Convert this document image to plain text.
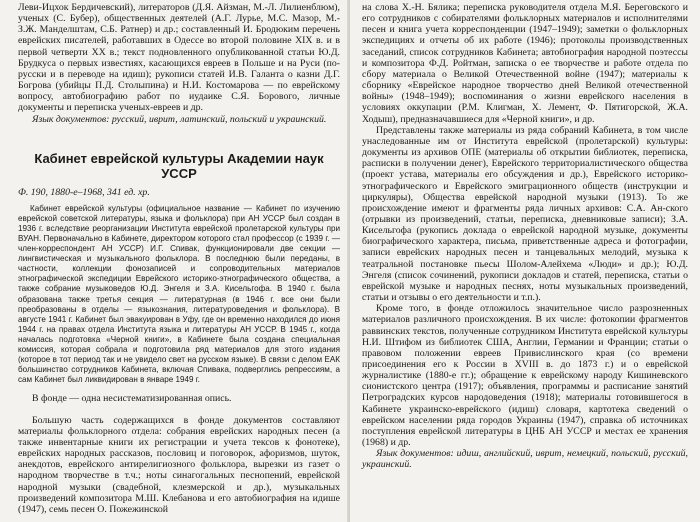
Леви-Ицхок Бердичевский), литераторов (Д.Я. Айзман, М.-Л. Лилиенблюм), ученых (С. Бубер), общественных деятелей (А.Г. Лурье, М.С. Мазор, М.-З.Ж. Манделштам, С.Б. Ратнер) и др.; составленный И. Бродюким перечень еврейских писателей, работавших в Одессе во второй половине XIX в. и в первой четверти XX в.; текст подновленного опубликованной статьи Ю.Д. Брудкуса о первых известиях, касающихся евреев в Польше и на Руси (по-русски и в переводе на идиш); рукописи статей И.В. Галанта о казни Д.Г. Богрова (убийцы П.Д. Столыпина) и Н.И. Костомарова — по еврейскому вопросу, автобиографию работ по иудаике С.Я. Борового, личные документы и переписка ученых-евреев и др.

Язык документов: русский, иврит, латинский, польский и украинский.

Кабинет еврейской культуры Академии наук УССР

Ф. 190, 1880-е–1968, 341 ед. хр.

Кабинет еврейской культуры (официальное название — Кабинет по изучению еврейской советской литературы, языка и фольклора) при АН УССР был создан в 1936 г. вследствие реорганизации Института еврейской пролетарской культуры при ВУАН. Первоначально в Кабинете, директором которого стал профессор (с 1939 г. — член-корреспондент АН УССР) И.Г. Спивак, функционировали две секции — лингвистическая и музыкального фольклора. В последнюю были переданы, в частности, коллекции фонозаписей и сопроводительных материалов этнографической экспедиции Еврейского историко-этнографического общества, а также собрание музыковедов Ю.Д. Энгеля и З.А. Кисельгофа. В 1940 г. была образована также третья секция — литературная (в 1946 г. все они были преобразованы в отделы — языкознания, литературоведения и фольклора). В августе 1941 г. Кабинет был эвакуирован в Уфу, где он временно находился до июня 1944 г. на правах отдела Института языка и литературы АН УССР. В 1945 г., когда началась подготовка «Черной книги», в Кабинете была создана специальная комиссия, которая собрала и подготовила ряд материалов для этого издания (которое в тот период так и не увидело свет на русском языке). В связи с делом ЕАК большинство сотрудников Кабинета, включая Спивака, подверглись репрессиям, а сам Кабинет был ликвидирован в январе 1949 г.

В фонде — одна несистематизированная опись.

Большую часть содержащихся в фонде документов составляют материалы фольклорного отдела: собрания еврейских народных песен (а также инвентарные книги их регистрации и учета тексов к фонотеке), еврейских народных рассказов, пословиц и поговорок, афоризмов, шуток, анекдотов, еврейского антирелигиозного фольклора, вырезки из газет о народном творчестве в т.ч.; ноты синагогальных песнопений, еврейской народной музыки (свадебной, клезмерской и др.), музыкальных произведений композитора М.Ш. Клебанова и его автобиография на идише (1947), семь песен О. Пожежинской

на слова Х.-Н. Бялика; переписка руководителя отдела М.Я. Береговского и его сотрудников с собирателями фольклорных материалов и исполнителями песен и книга учета корреспонденции (1947–1949); заметки о фольклорных экспедициях и отчеты об их работе (1946); протоколы производственных заседаний, список сотрудников Кабинета; автобиография народной поэтессы и композитора Ф.Д. Ройтман, записка о ее творчестве и работе отдела по сбору материала о Великой Отечественной войне (1947); материалы к сборнику «Еврейское народное творчество дней Великой отечественной войны» (1948–1949); воспоминания о жизни еврейского населения в условиях оккупации (Р.М. Клигман, Х. Лемент, Ф. Пятигорской, Ж.А. Ходыш), предназначавшиеся для «Черной книги», и др.

Представлены также материалы из ряда собраний Кабинета, в том числе унаследованные им от Института еврейской (пролетарской) культуры: документы из архивов ОПЕ (материалы об открытии библиотек, переписка, расписки в получении денег), Еврейского территориалистического общества (проект устава, материалы его обсуждения и др.), Еврейского историко-этнографического и Еврейского эмиграционного обществ (инструкции и циркуляры), Общества еврейской народной музыки (1913). То же происхождение имеют и фрагменты ряда личных архивов: С.А. Ан-ского (отрывки из произведений, статьи, переписка, дневниковые записи); З.А. Кисельгофа (рукопись доклада о еврейской народной музыке, документы биографического характера, письма, приветственные адреса и фотографии, записи еврейских народных песен и танцевальных мелодий, музыка к театральной постановке пьесы Шолом-Алейхема «Люди» и др.); Ю.Д. Энгеля (список сочинений, рукописи докладов и статей, переписка, статьи о еврейской музыке и народных песнях, ноты музыкальных произведений, статьи и отзывы о его деятельности и т.п.).

Кроме того, в фонде отложилось значительное число разрозненных материалов различного происхождения. В их числе: фотокопии фрагментов раввинских текстов, полученные сотрудником Института еврейской культуры Н.И. Штифом из библиотек США, Англии, Германии и Франции; статьи о правовом положении евреев Привислинского края (со времени присоединения его к России в XVIII в. до 1873 г.) и о еврейской журналистике (1880-е гг.); обращение к еврейскому народу Кишиневского сионистского центра (1917); объявления, программы и расписание занятий Петроградских курсов народоведения (1918); материалы готовившегося в Кабинете украинско-еврейского (идиш) словаря, картотека сведений о еврейском населении ряда городов Украины (1947), справка об источниках поступления еврейской литературы в ЦНБ АН УССР и местах ее хранения (1968) и др.

Язык документов: идиш, английский, иврит, немецкий, польский, русский, украинский.
